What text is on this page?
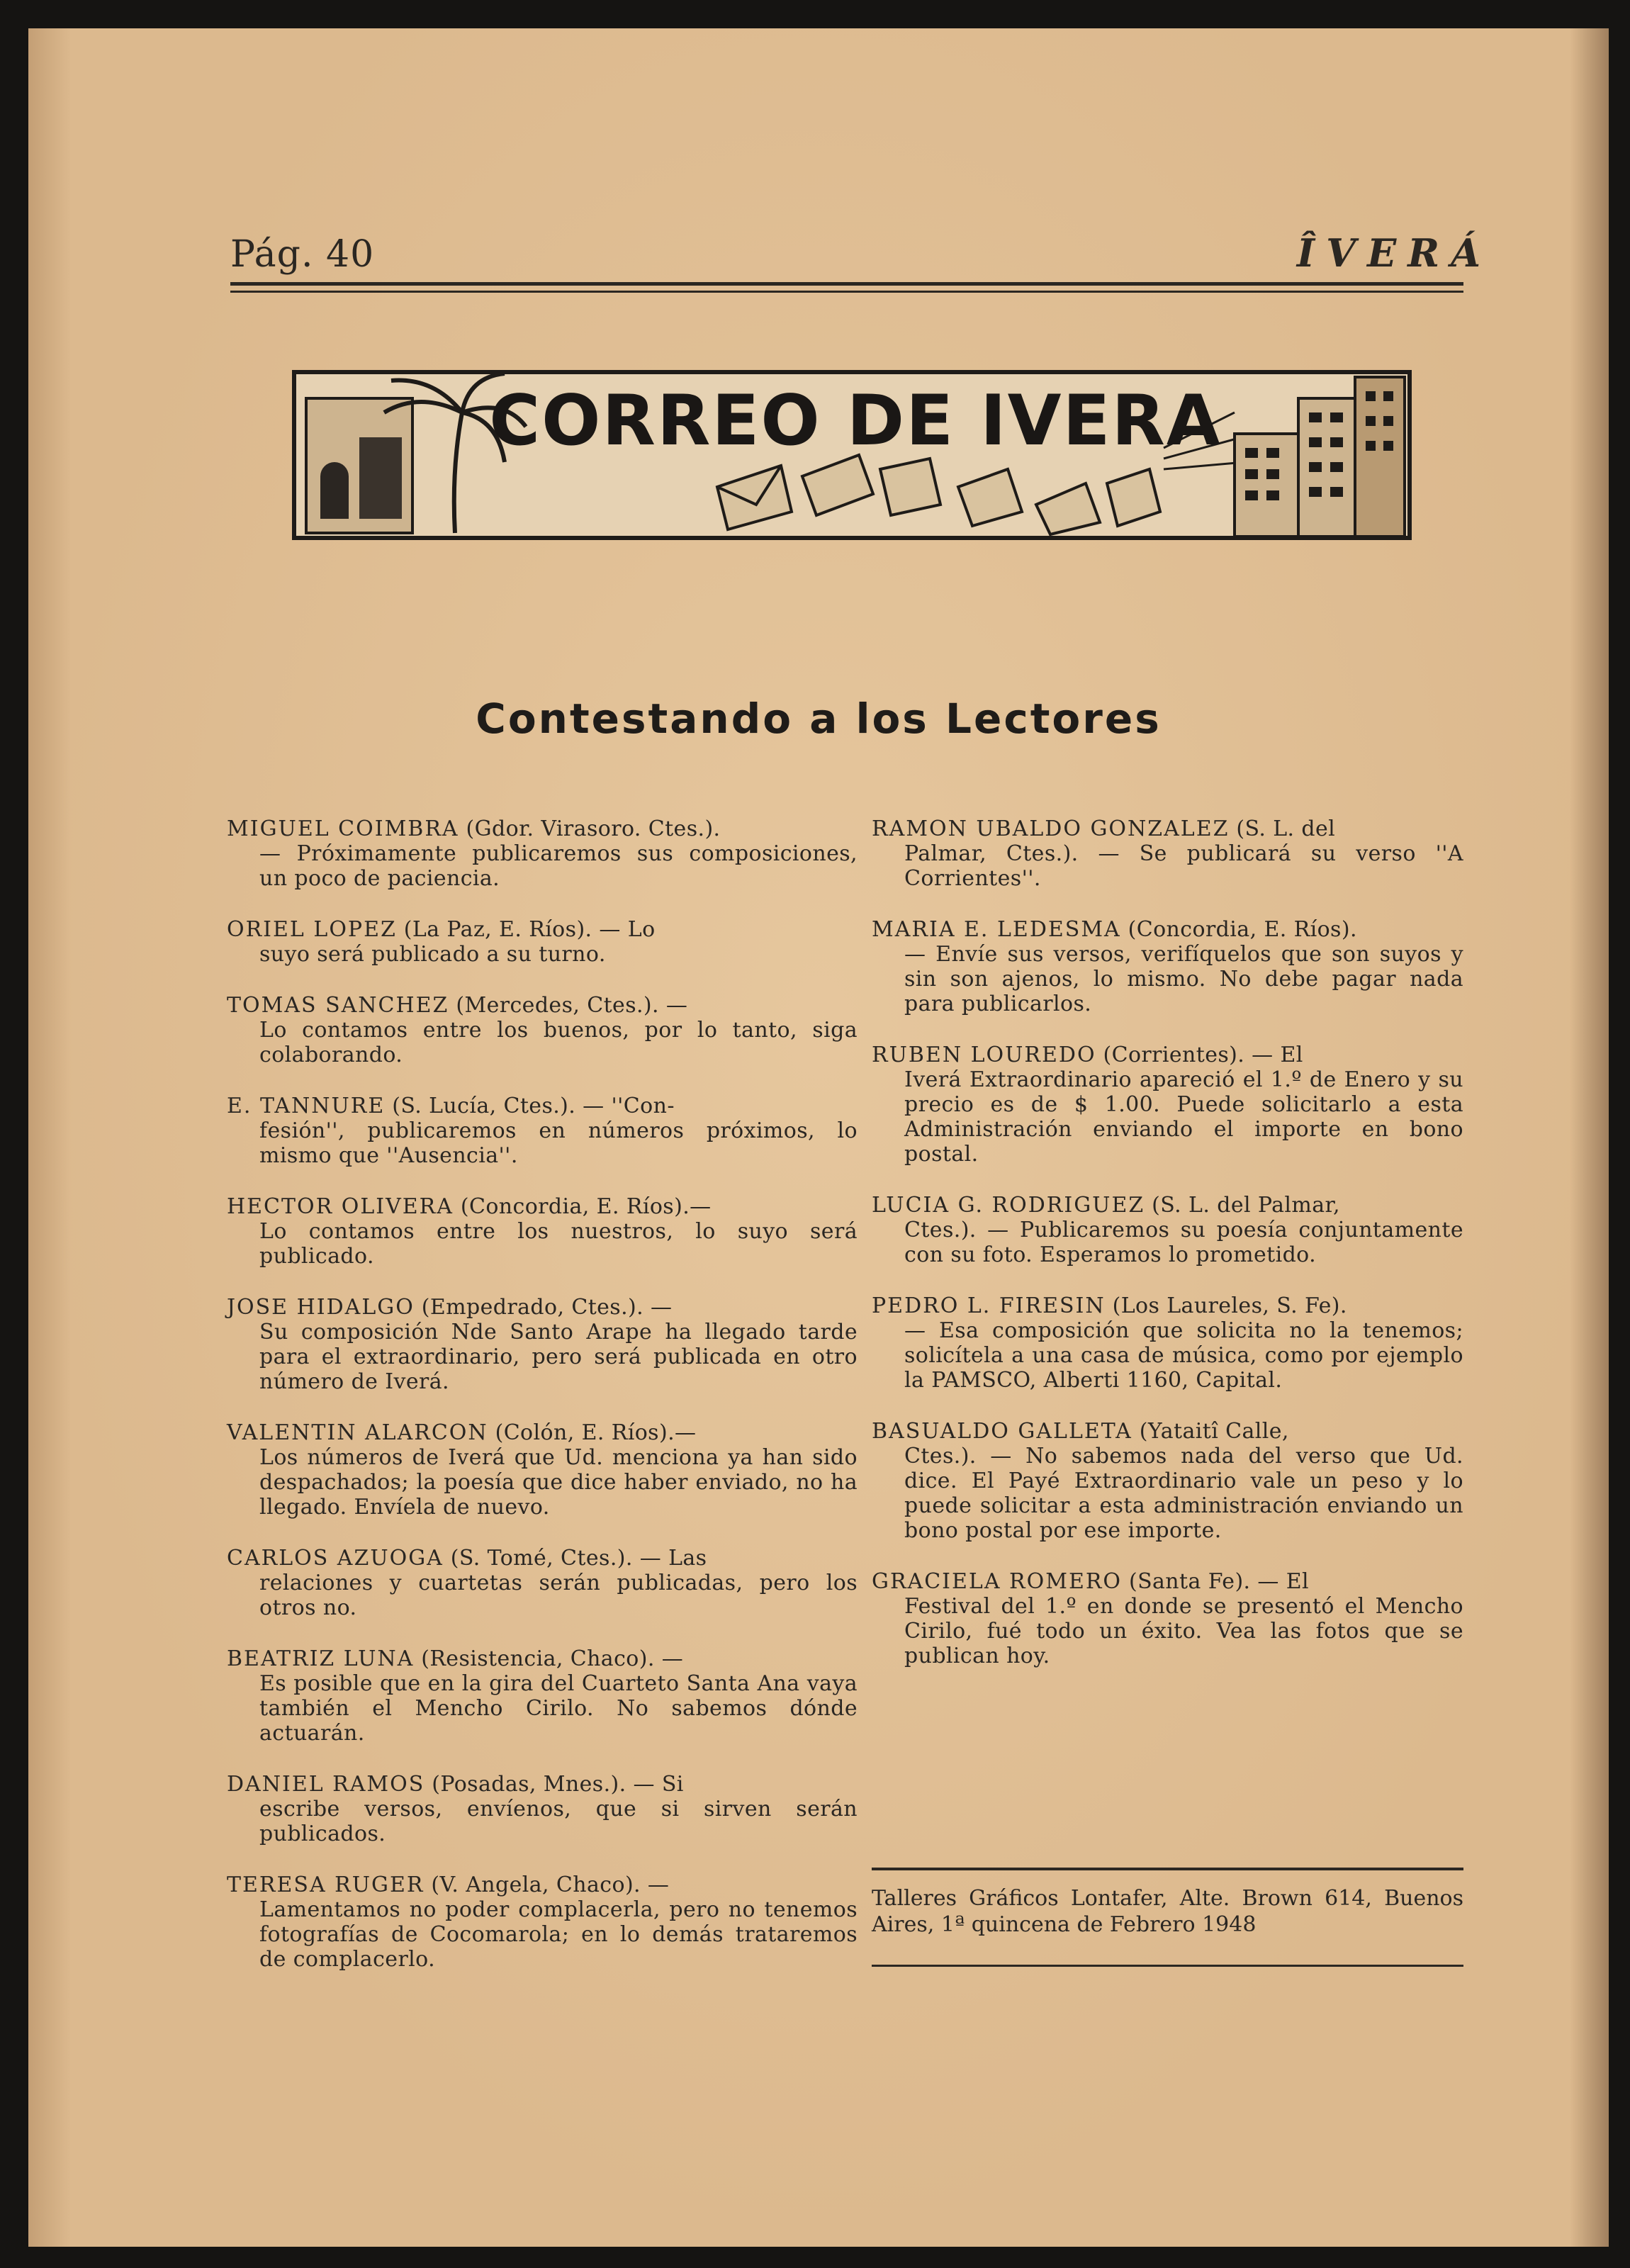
Pág. 40	ÎVERÁ
CORREO DE IVERA
Contestando a los Lectores
MIGUEL COIMBRA (Gdor. Virasoro. Ctes.).
— Próximamente publicaremos sus composiciones, un poco de paciencia.
ORIEL LOPEZ (La Paz, E. Ríos). — Lo
suyo será publicado a su turno.
TOMAS SANCHEZ (Mercedes, Ctes.). —
Lo contamos entre los buenos, por lo tanto, siga colaborando.
E. TANNURE (S. Lucía, Ctes.). — ''Con-
fesión'', publicaremos en números próximos, lo mismo que ''Ausencia''.
HECTOR OLIVERA (Concordia, E. Ríos).—
Lo contamos entre los nuestros, lo suyo será publicado.
JOSE HIDALGO (Empedrado, Ctes.). —
Su composición Nde Santo Arape ha llegado tarde para el extraordinario, pero será publicada en otro número de Iverá.
VALENTIN ALARCON (Colón, E. Ríos).—
Los números de Iverá que Ud. menciona ya han sido despachados; la poesía que dice haber enviado, no ha llegado. Envíela de nuevo.
CARLOS AZUOGA (S. Tomé, Ctes.). — Las
relaciones y cuartetas serán publicadas, pero los otros no.
BEATRIZ LUNA (Resistencia, Chaco). —
Es posible que en la gira del Cuarteto Santa Ana vaya también el Mencho Cirilo. No sabemos dónde actuarán.
DANIEL RAMOS (Posadas, Mnes.). — Si
escribe versos, envíenos, que si sirven serán publicados.
TERESA RUGER (V. Angela, Chaco). —
Lamentamos no poder complacerla, pero no tenemos fotografías de Cocomarola; en lo demás trataremos de complacerlo.
RAMON UBALDO GONZALEZ (S. L. del
Palmar, Ctes.). — Se publicará su verso ''A Corrientes''.
MARIA E. LEDESMA (Concordia, E. Ríos).
— Envíe sus versos, verifíquelos que son suyos y sin son ajenos, lo mismo. No debe pagar nada para publicarlos.
RUBEN LOUREDO (Corrientes). — El
Iverá Extraordinario apareció el 1.º de Enero y su precio es de $ 1.00. Puede solicitarlo a esta Administración enviando el importe en bono postal.
LUCIA G. RODRIGUEZ (S. L. del Palmar,
Ctes.). — Publicaremos su poesía conjuntamente con su foto. Esperamos lo prometido.
PEDRO L. FIRESIN (Los Laureles, S. Fe).
— Esa composición que solicita no la tenemos; solicítela a una casa de música, como por ejemplo la PAMSCO, Alberti 1160, Capital.
BASUALDO GALLETA (Yataitî Calle,
Ctes.). — No sabemos nada del verso que Ud. dice. El Payé Extraordinario vale un peso y lo puede solicitar a esta administración enviando un bono postal por ese importe.
GRACIELA ROMERO (Santa Fe). — El
Festival del 1.º en donde se presentó el Mencho Cirilo, fué todo un éxito. Vea las fotos que se publican hoy.
Talleres Gráficos Lontafer, Alte. Brown 614, Buenos Aires, 1ª quincena de Febrero 1948
